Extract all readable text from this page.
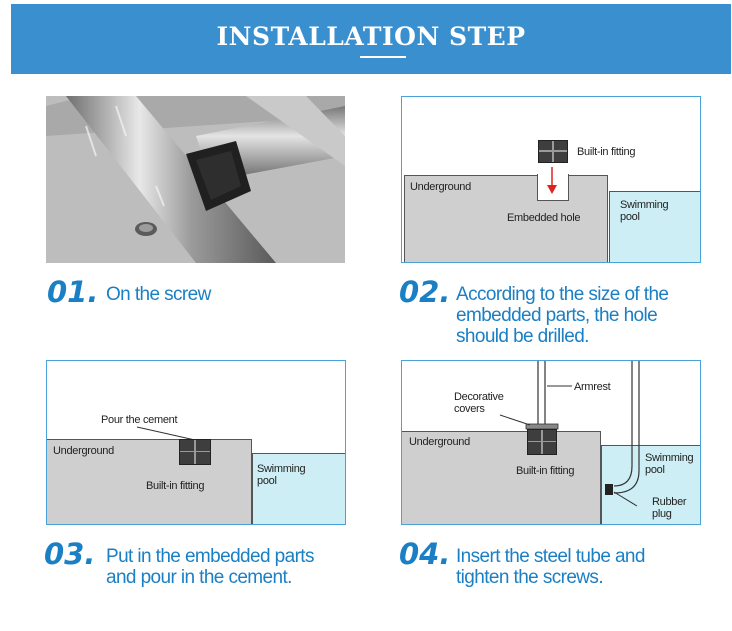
INSTALLATION STEP
Built-in fitting
Underground
Embedded hole
Swimming
pool
Pour the cement
Underground
Built-in fitting
Swimming
pool
Armrest
Decorative
covers
Underground
Built-in fitting
Swimming
pool
Rubber
plug
01. On the screw	02. According to the size of the
embedded parts, the hole
should be drilled.
03. Put in the embedded parts
and pour in the cement.
04. Insert the steel tube and
tighten the screws.
